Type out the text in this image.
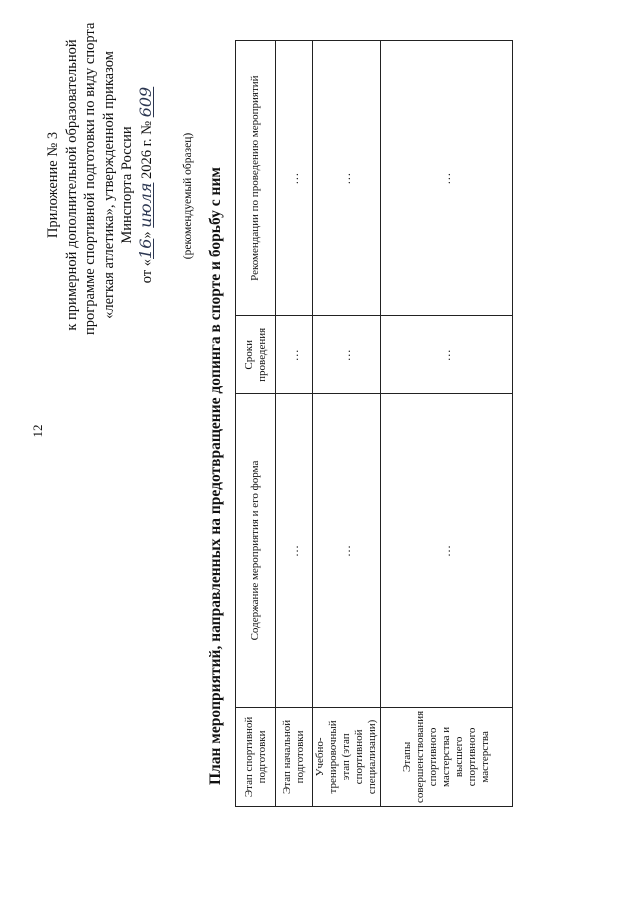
12
Приложение № 3 к примерной дополнительной образовательной программе спортивной подготовки по виду спорта «легкая атлетика», утвержденной приказом Минспорта России
от «16» июля 2026 г. № 609
(рекомендуемый образец) План мероприятий, направленных на предотвращение допинга в спорте и борьбу с ним Этап спортивной подготовки	Содержание мероприятия и его форма	Сроки проведения	Рекомендации по проведению мероприятий
Этап начальной подготовки	…	…	…
Учебно-тренировочный этап (этап спортивной специализации)	…	…	…
Этапы совершенствования спортивного мастерства и высшего спортивного мастерства	…	…	…
